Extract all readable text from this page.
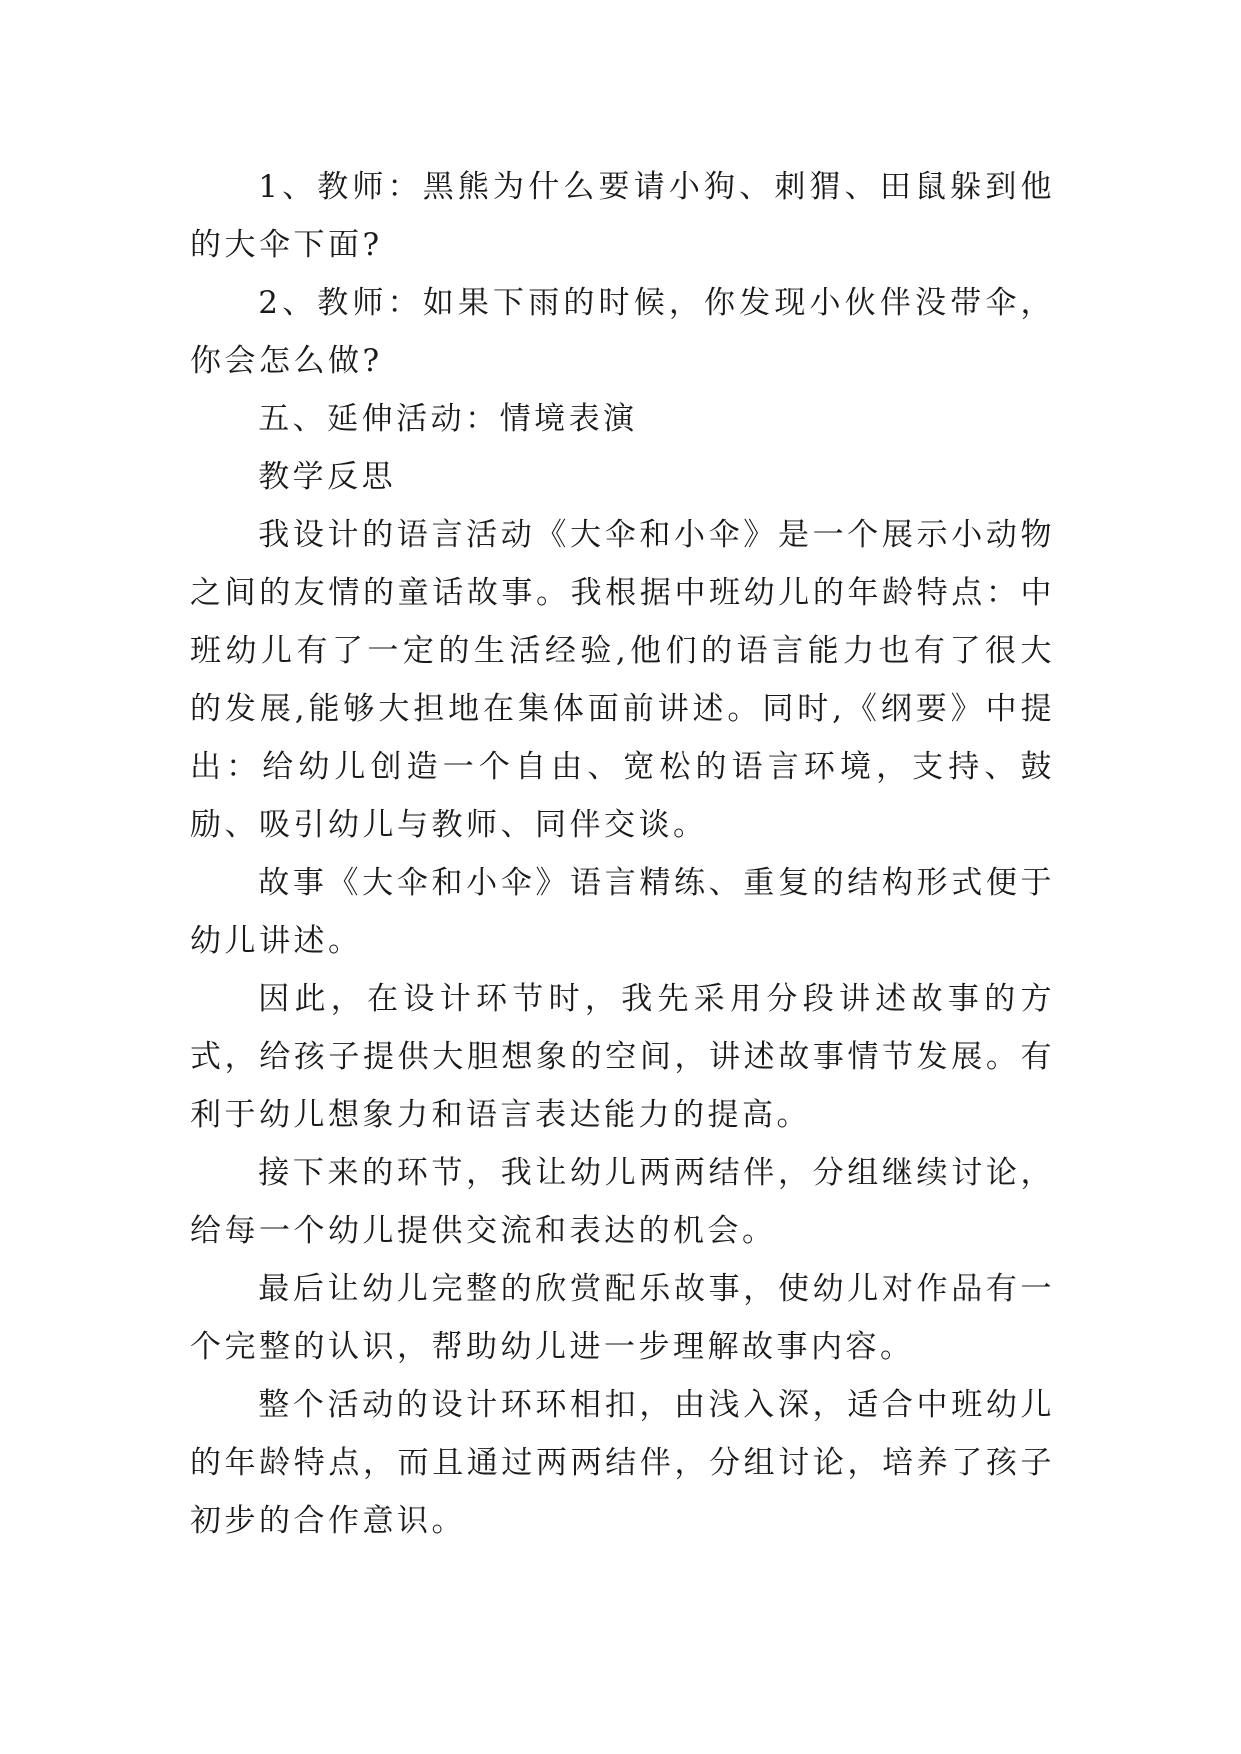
1、教师：黑熊为什么要请小狗、刺猬、田鼠躲到他的大伞下面?

2、教师：如果下雨的时候，你发现小伙伴没带伞，你会怎么做?

五、延伸活动：情境表演

教学反思

我设计的语言活动《大伞和小伞》是一个展示小动物之间的友情的童话故事。我根据中班幼儿的年龄特点：中班幼儿有了一定的生活经验,他们的语言能力也有了很大的发展,能够大担地在集体面前讲述。同时,《纲要》中提出：给幼儿创造一个自由、宽松的语言环境，支持、鼓励、吸引幼儿与教师、同伴交谈。

故事《大伞和小伞》语言精练、重复的结构形式便于幼儿讲述。

因此，在设计环节时，我先采用分段讲述故事的方式，给孩子提供大胆想象的空间，讲述故事情节发展。有利于幼儿想象力和语言表达能力的提高。

接下来的环节，我让幼儿两两结伴，分组继续讨论，给每一个幼儿提供交流和表达的机会。

最后让幼儿完整的欣赏配乐故事，使幼儿对作品有一个完整的认识，帮助幼儿进一步理解故事内容。

整个活动的设计环环相扣，由浅入深，适合中班幼儿的年龄特点，而且通过两两结伴，分组讨论，培养了孩子初步的合作意识。
